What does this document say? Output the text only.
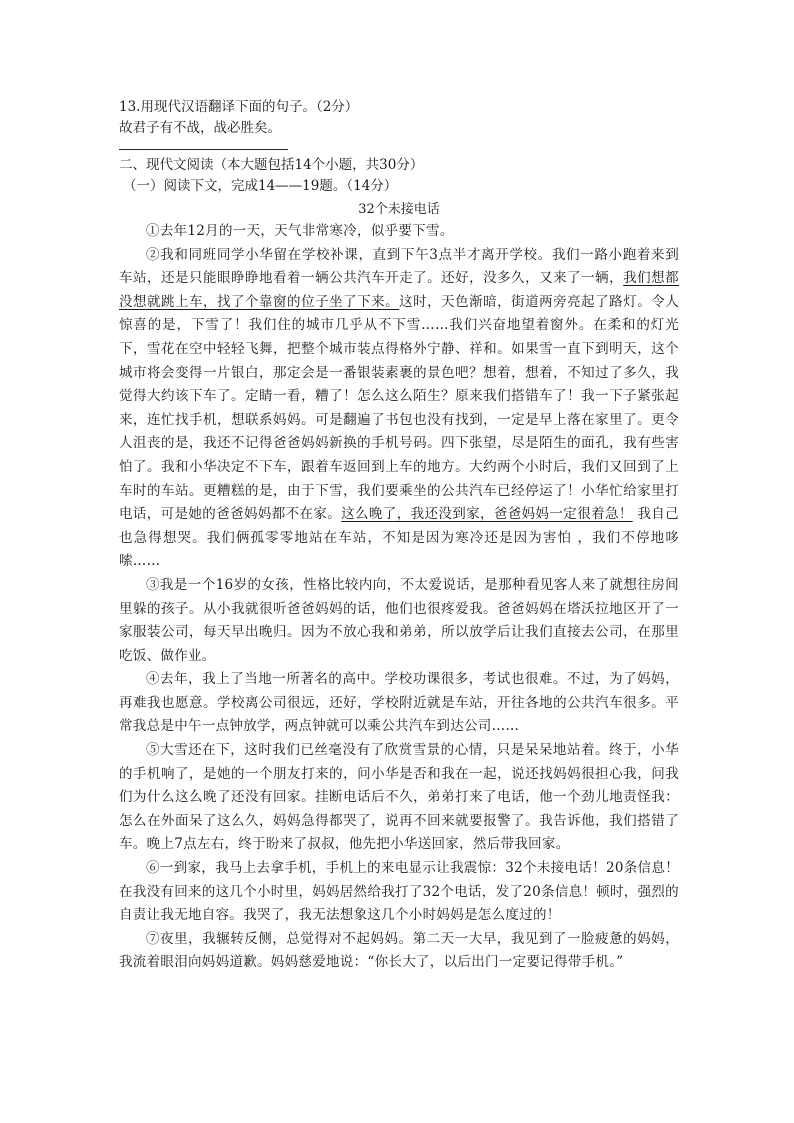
13.用现代汉语翻译下面的句子。（2分）
故君子有不战，战必胜矣。
二、现代文阅读（本大题包括14个小题，共30分）
（一）阅读下文，完成14——19题。（14分）
32个未接电话
①去年12月的一天，天气非常寒冷，似乎要下雪。
②我和同班同学小华留在学校补课，直到下午3点半才离开学校。我们一路小跑着来到车站，还是只能眼睁睁地看着一辆公共汽车开走了。还好，没多久，又来了一辆，我们想都没想就跳上车，找了个靠窗的位子坐了下来。这时，天色渐暗，街道两旁亮起了路灯。令人惊喜的是，下雪了！我们住的城市几乎从不下雪……我们兴奋地望着窗外。在柔和的灯光下，雪花在空中轻轻飞舞，把整个城市装点得格外宁静、祥和。如果雪一直下到明天，这个城市将会变得一片银白，那定会是一番银装素裹的景色吧？想着，想着，不知过了多久，我觉得大约该下车了。定睛一看，糟了！怎么这么陌生？原来我们搭错车了！我一下子紧张起来，连忙找手机，想联系妈妈。可是翻遍了书包也没有找到，一定是早上落在家里了。更令人沮丧的是，我还不记得爸爸妈妈新换的手机号码。四下张望，尽是陌生的面孔，我有些害怕了。我和小华决定不下车，跟着车返回到上车的地方。大约两个小时后，我们又回到了上车时的车站。更糟糕的是，由于下雪，我们要乘坐的公共汽车已经停运了！小华忙给家里打电话，可是她的爸爸妈妈都不在家。这么晚了，我还没到家，爸爸妈妈一定很着急！ 我自己也急得想哭。我们俩孤零零地站在车站，不知是因为寒冷还是因为害怕 ，我们不停地哆嗦……
③我是一个16岁的女孩，性格比较内向，不太爱说话，是那种看见客人来了就想往房间里躲的孩子。从小我就很听爸爸妈妈的话，他们也很疼爱我。爸爸妈妈在塔沃拉地区开了一家服装公司，每天早出晚归。因为不放心我和弟弟，所以放学后让我们直接去公司，在那里吃饭、做作业。
④去年，我上了当地一所著名的高中。学校功课很多，考试也很难。不过，为了妈妈，再难我也愿意。学校离公司很远，还好，学校附近就是车站，开往各地的公共汽车很多。平常我总是中午一点钟放学，两点钟就可以乘公共汽车到达公司……
⑤大雪还在下，这时我们已丝毫没有了欣赏雪景的心情，只是呆呆地站着。终于，小华的手机响了，是她的一个朋友打来的，问小华是否和我在一起，说还找妈妈很担心我，问我们为什么这么晚了还没有回家。挂断电话后不久，弟弟打来了电话，他一个劲儿地责怪我：怎么在外面呆了这么久，妈妈急得都哭了，说再不回来就要报警了。我告诉他，我们搭错了车。晚上7点左右，终于盼来了叔叔，他先把小华送回家，然后带我回家。
⑥一到家，我马上去拿手机，手机上的来电显示让我震惊：32个未接电话！20条信息！ 在我没有回来的这几个小时里，妈妈居然给我打了32个电话，发了20条信息！顿时，强烈的自责让我无地自容。我哭了，我无法想象这几个小时妈妈是怎么度过的！
⑦夜里，我辗转反侧，总觉得对不起妈妈。第二天一大早，我见到了一脸疲惫的妈妈，我流着眼泪向妈妈道歉。妈妈慈爱地说：“你长大了，以后出门一定要记得带手机。”
